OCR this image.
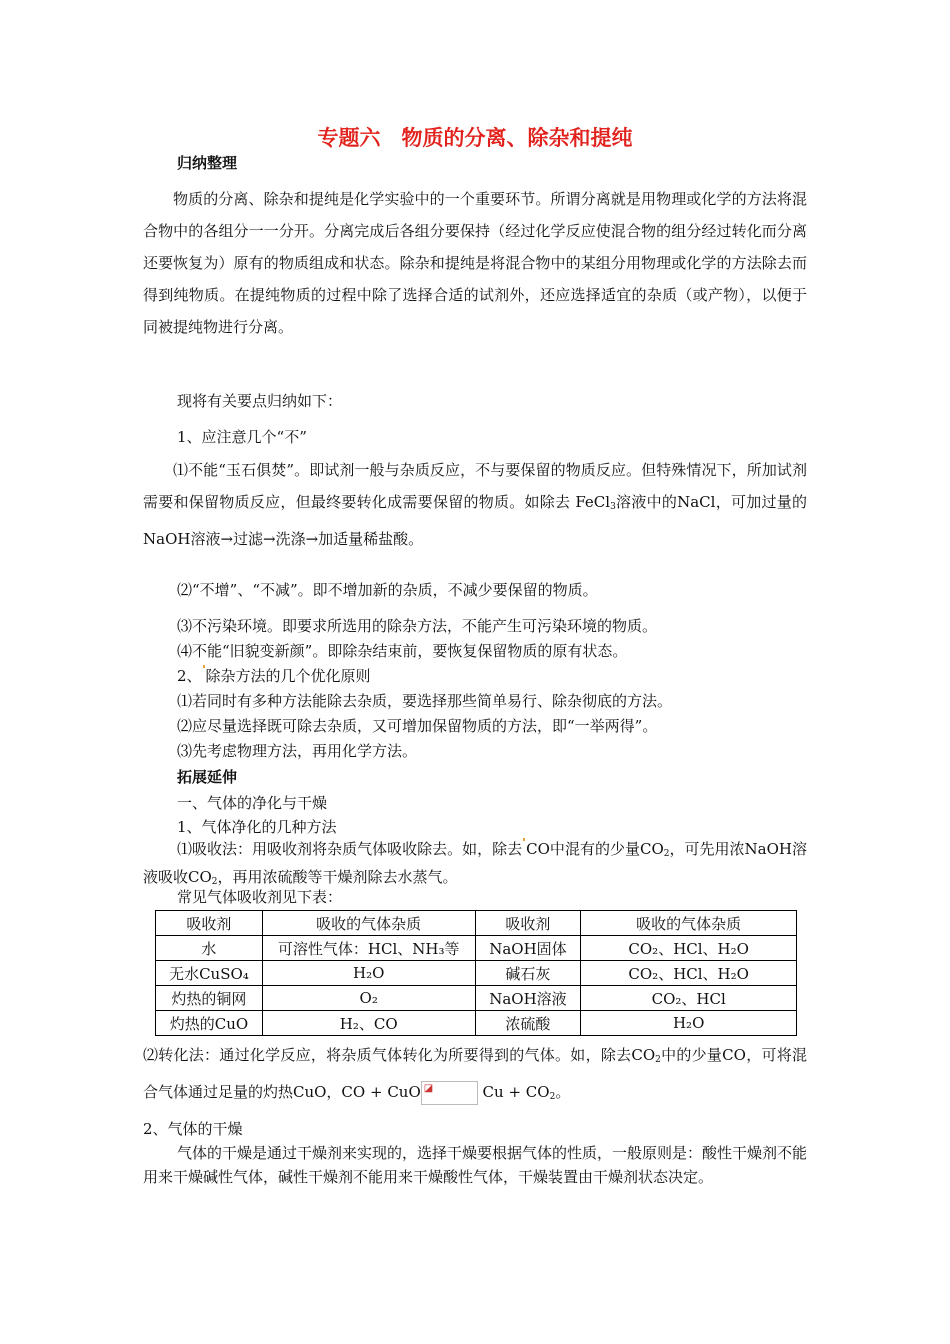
专题六　物质的分离、除杂和提纯
归纳整理
物质的分离、除杂和提纯是化学实验中的一个重要环节。所谓分离就是用物理或化学的方法将混合物中的各组分一一分开。分离完成后各组分要保持（经过化学反应使混合物的组分经过转化而分离还要恢复为）原有的物质组成和状态。除杂和提纯是将混合物中的某组分用物理或化学的方法除去而得到纯物质。在提纯物质的过程中除了选择合适的试剂外，还应选择适宜的杂质（或产物），以便于同被提纯物进行分离。
现将有关要点归纳如下：
1、应注意几个“不”
⑴不能“玉石俱焚”。即试剂一般与杂质反应，不与要保留的物质反应。但特殊情况下，所加试剂需要和保留物质反应，但最终要转化成需要保留的物质。如除去 FeCl$_3$溶液中的NaCl，可加过量的NaOH溶液→过滤→洗涤→加适量稀盐酸。
⑵“不增”、“不减”。即不增加新的杂质，不减少要保留的物质。
⑶不污染环境。即要求所选用的除杂方法，不能产生可污染环境的物质。
⑷不能“旧貌变新颜”。即除杂结束前，要恢复保留物质的原有状态。
2、 除杂方法的几个优化原则
⑴若同时有多种方法能除去杂质，要选择那些简单易行、除杂彻底的方法。
⑵应尽量选择既可除去杂质，又可增加保留物质的方法，即“一举两得”。
⑶先考虑物理方法，再用化学方法。
拓展延伸
一、气体的净化与干燥
1、气体净化的几种方法
⑴吸收法：用吸收剂将杂质气体吸收除去。如，除去 CO中混有的少量$CO_2$，可先用浓NaOH溶液吸收$CO_2$，再用浓硫酸等干燥剂除去水蒸气。
常见气体吸收剂见下表：
吸收剂	吸收的气体杂质	吸收剂	吸收的气体杂质
水	可溶性气体：HCl、NH₃等	NaOH固体	CO₂、HCl、H₂O
无水CuSO₄	H₂O	碱石灰	CO₂、HCl、H₂O
灼热的铜网	O₂	NaOH溶液	CO₂、HCl
灼热的CuO	H₂、CO	浓硫酸	H₂O
⑵转化法：通过化学反应，将杂质气体转化为所要得到的气体。如，除去$CO_2$中的少量CO，可将混合气体通过足量的灼热CuO，CO + CuO ◪	$Cu + CO_2$。
2、气体的干燥
气体的干燥是通过干燥剂来实现的，选择干燥要根据气体的性质，一般原则是：酸性干燥剂不能用来干燥碱性气体，碱性干燥剂不能用来干燥酸性气体，干燥装置由干燥剂状态决定。
